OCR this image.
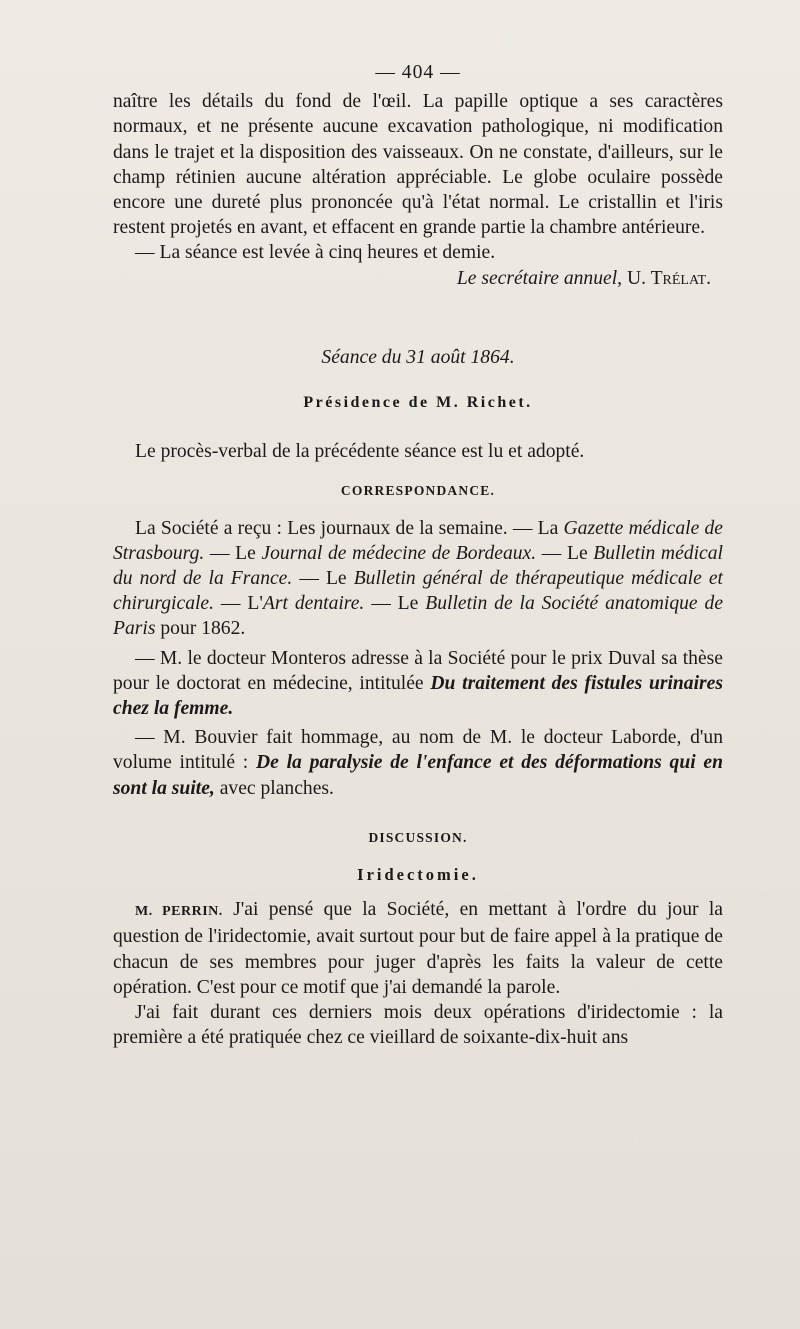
— 404 —

naître les détails du fond de l'œil. La papille optique a ses caractères normaux, et ne présente aucune excavation pathologique, ni modification dans le trajet et la disposition des vaisseaux. On ne constate, d'ailleurs, sur le champ rétinien aucune altération appréciable. Le globe oculaire possède encore une dureté plus prononcée qu'à l'état normal. Le cristallin et l'iris restent projetés en avant, et effacent en grande partie la chambre antérieure.

— La séance est levée à cinq heures et demie.

Le secrétaire annuel, U. Trélat.

Séance du 31 août 1864.

Présidence de M. Richet.

Le procès-verbal de la précédente séance est lu et adopté.

CORRESPONDANCE.

La Société a reçu : Les journaux de la semaine. — La Gazette médicale de Strasbourg. — Le Journal de médecine de Bordeaux. — Le Bulletin médical du nord de la France. — Le Bulletin général de thérapeutique médicale et chirurgicale. — L'Art dentaire. — Le Bulletin de la Société anatomique de Paris pour 1862.

— M. le docteur Monteros adresse à la Société pour le prix Duval sa thèse pour le doctorat en médecine, intitulée Du traitement des fistules urinaires chez la femme.

— M. Bouvier fait hommage, au nom de M. le docteur Laborde, d'un volume intitulé : De la paralysie de l'enfance et des déformations qui en sont la suite, avec planches.

DISCUSSION.

Iridectomie.

M. PERRIN. J'ai pensé que la Société, en mettant à l'ordre du jour la question de l'iridectomie, avait surtout pour but de faire appel à la pratique de chacun de ses membres pour juger d'après les faits la valeur de cette opération. C'est pour ce motif que j'ai demandé la parole.

J'ai fait durant ces derniers mois deux opérations d'iridectomie : la première a été pratiquée chez ce vieillard de soixante-dix-huit ans
